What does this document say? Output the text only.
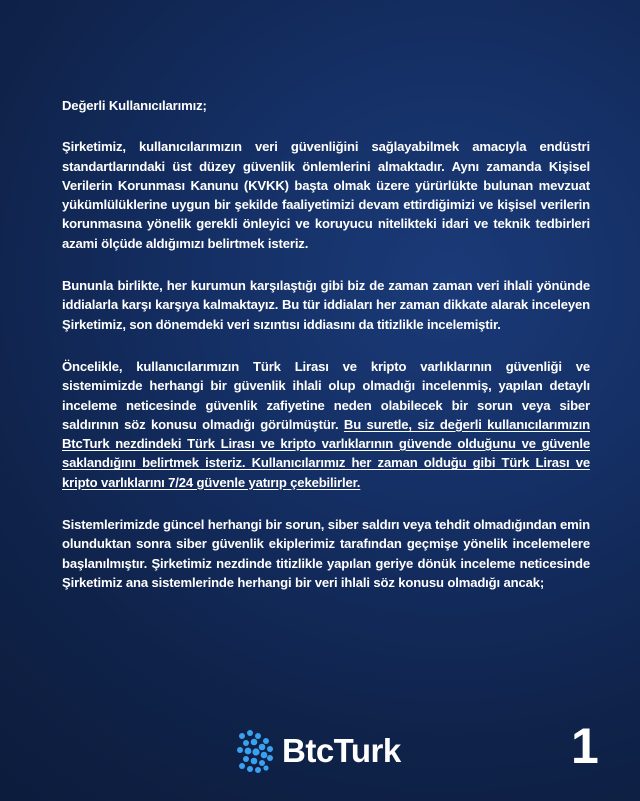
Değerli Kullanıcılarımız;

Şirketimiz, kullanıcılarımızın veri güvenliğini sağlayabilmek amacıyla endüstri standartlarındaki üst düzey güvenlik önlemlerini almaktadır. Aynı zamanda Kişisel Verilerin Korunması Kanunu (KVKK) başta olmak üzere yürürlükte bulunan mevzuat yükümlülüklerine uygun bir şekilde faaliyetimizi devam ettirdiğimizi ve kişisel verilerin korunmasına yönelik gerekli önleyici ve koruyucu nitelikteki idari ve teknik tedbirleri azami ölçüde aldığımızı belirtmek isteriz.

Bununla birlikte, her kurumun karşılaştığı gibi biz de zaman zaman veri ihlali yönünde iddialarla karşı karşıya kalmaktayız. Bu tür iddiaları her zaman dikkate alarak inceleyen Şirketimiz, son dönemdeki veri sızıntısı iddiasını da titizlikle incelemiştir.

Öncelikle, kullanıcılarımızın Türk Lirası ve kripto varlıklarının güvenliği ve sistemimizde herhangi bir güvenlik ihlali olup olmadığı incelenmiş, yapılan detaylı inceleme neticesinde güvenlik zafiyetine neden olabilecek bir sorun veya siber saldırının söz konusu olmadığı görülmüştür. Bu suretle, siz değerli kullanıcılarımızın BtcTurk nezdindeki Türk Lirası ve kripto varlıklarının güvende olduğunu ve güvenle saklandığını belirtmek isteriz. Kullanıcılarımız her zaman olduğu gibi Türk Lirası ve kripto varlıklarını 7/24 güvenle yatırıp çekebilirler.

Sistemlerimizde güncel herhangi bir sorun, siber saldırı veya tehdit olmadığından emin olunduktan sonra siber güvenlik ekiplerimiz tarafından geçmişe yönelik incelemelere başlanılmıştır. Şirketimiz nezdinde titizlikle yapılan geriye dönük inceleme neticesinde Şirketimiz ana sistemlerinde herhangi bir veri ihlali söz konusu olmadığı ancak;

BtcTurk	1
